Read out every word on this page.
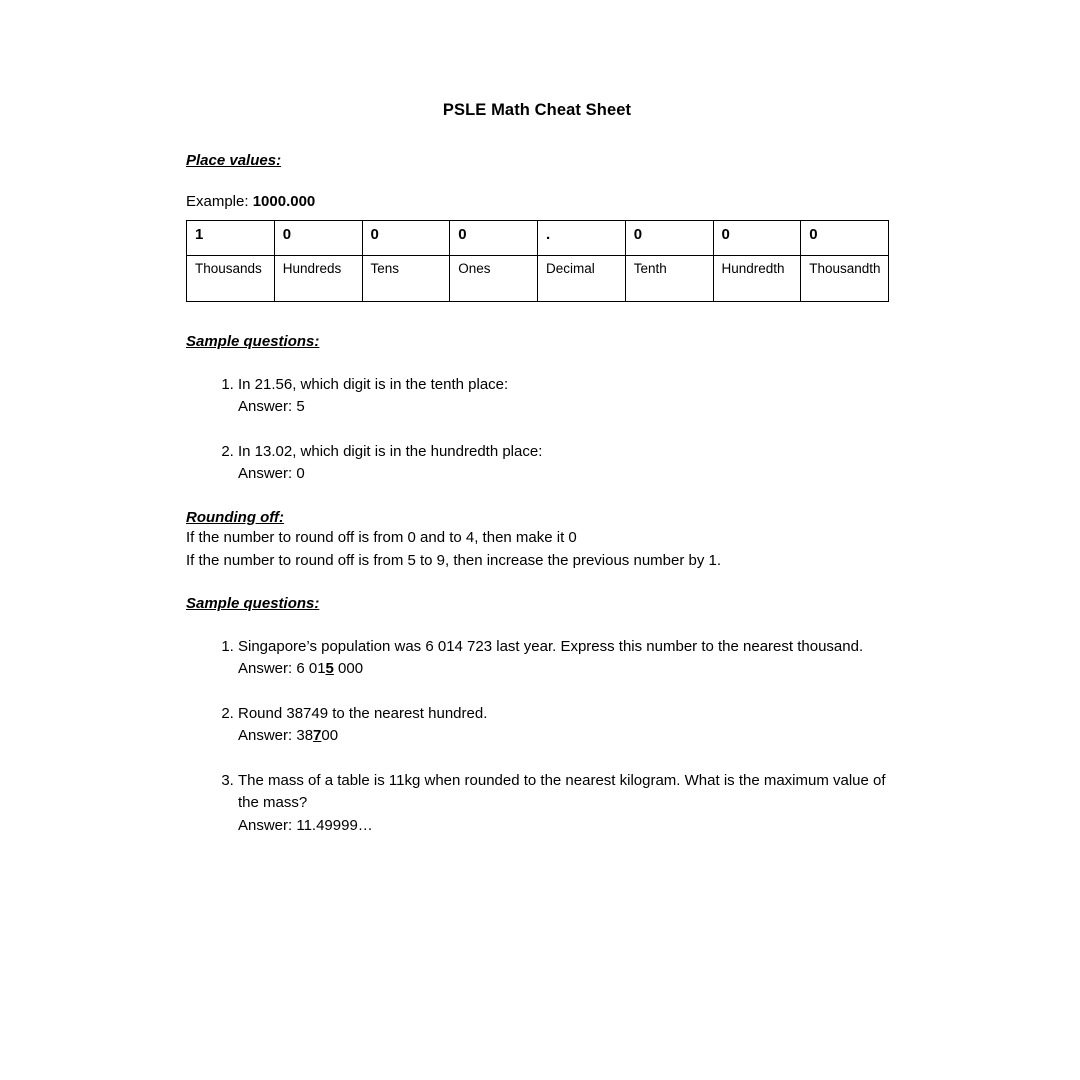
PSLE Math Cheat Sheet
Place values:

Example: 1000.000

1	0	0	0	.	0	0	0
Thousands	Hundreds	Tens	Ones	Decimal	Tenth	Hundredth	Thousandth
Sample questions:
1. In 21.56, which digit is in the tenth place:
Answer: 5
2. In 13.02, which digit is in the hundredth place:
Answer: 0
Rounding off:

If the number to round off is from 0 and to 4, then make it 0

If the number to round off is from 5 to 9, then increase the previous number by 1.

Sample questions:
1. Singapore’s population was 6 014 723 last year. Express this number to the nearest thousand.
Answer: 6 015 000
2. Round 38749 to the nearest hundred.
Answer: 38700
3. The mass of a table is 11kg when rounded to the nearest kilogram. What is the maximum value of the mass?
Answer: 11.49999…
